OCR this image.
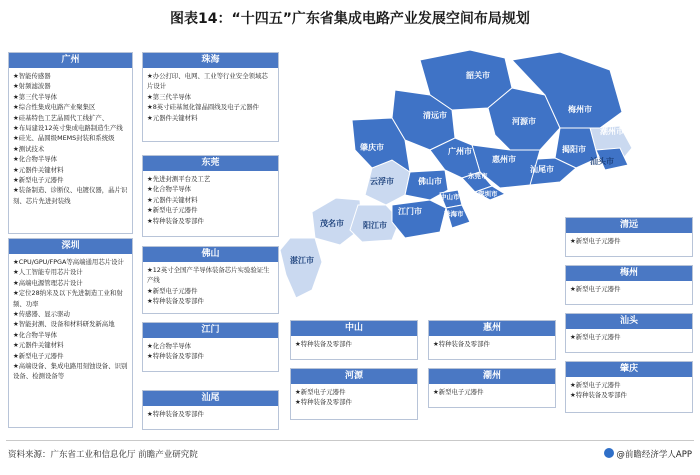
图表14：“十四五”广东省集成电路产业发展空间布局规划
韶关市
清远市
河源市
梅州市
潮州市
揭阳市
汕头市
汕尾市
肇庆市	广州市
惠州市
佛山市
东莞市
深圳市
中山市
珠海市
江门市
云浮市
茂名市 阳江市
湛江市
广州
★智能传感器
★射频滤波器
★第三代半导体
★综合性集成电路产业聚集区
★硅基特色工艺晶圆代工线扩产、
★布局建设12英寸集成电路制造生产线
★硅光、晶圆级MEMS封装和系统级
★测试技术
★化合物半导体
★元器件关键材料
★新型电子元器件
★装备制造、诊断仪、电镀仪器，晶片识刻、芯片先进封装线
深圳
★CPU/GPU/FPGA等高端通用芯片设计
★人工智能专用芯片设计
★高端电源管理芯片设计
★定位28纳米及以下先进制造工业和射频、功率
★传感器、显示驱动
★智能封测、设备和材料研发新高地
★化合物半导体
★元器件关键材料
★新型电子元器件
★高端设备、集成电路用刻蚀设备、识别设备、检测设备等
珠海
★办公打印、电网、工业等行业安全领域芯片设计
★第三代半导体
★8英寸硅基氮化镓晶圆线及电子元器件
★元器件关键材料
东莞
★先进封测平台及工艺
★化合物半导体
★元器件关键材料
★新型电子元器件
★特种装备及零部件
佛山
★12英寸全国产半导体装备芯片实验验证生产线
★新型电子元器件
★特种装备及零部件
江门
★化合物半导体
★特种装备及零部件
汕尾
★特种装备及零部件
中山
★特种装备及零部件
惠州
★特种装备及零部件
河源
★新型电子元器件
★特种装备及零部件
潮州
★新型电子元器件
清远
★新型电子元器件
梅州
★新型电子元器件
汕头
★新型电子元器件
肇庆
★新型电子元器件
★特种装备及零部件
资料来源：广东省工业和信息化厅 前瞻产业研究院	@前瞻经济学人APP
